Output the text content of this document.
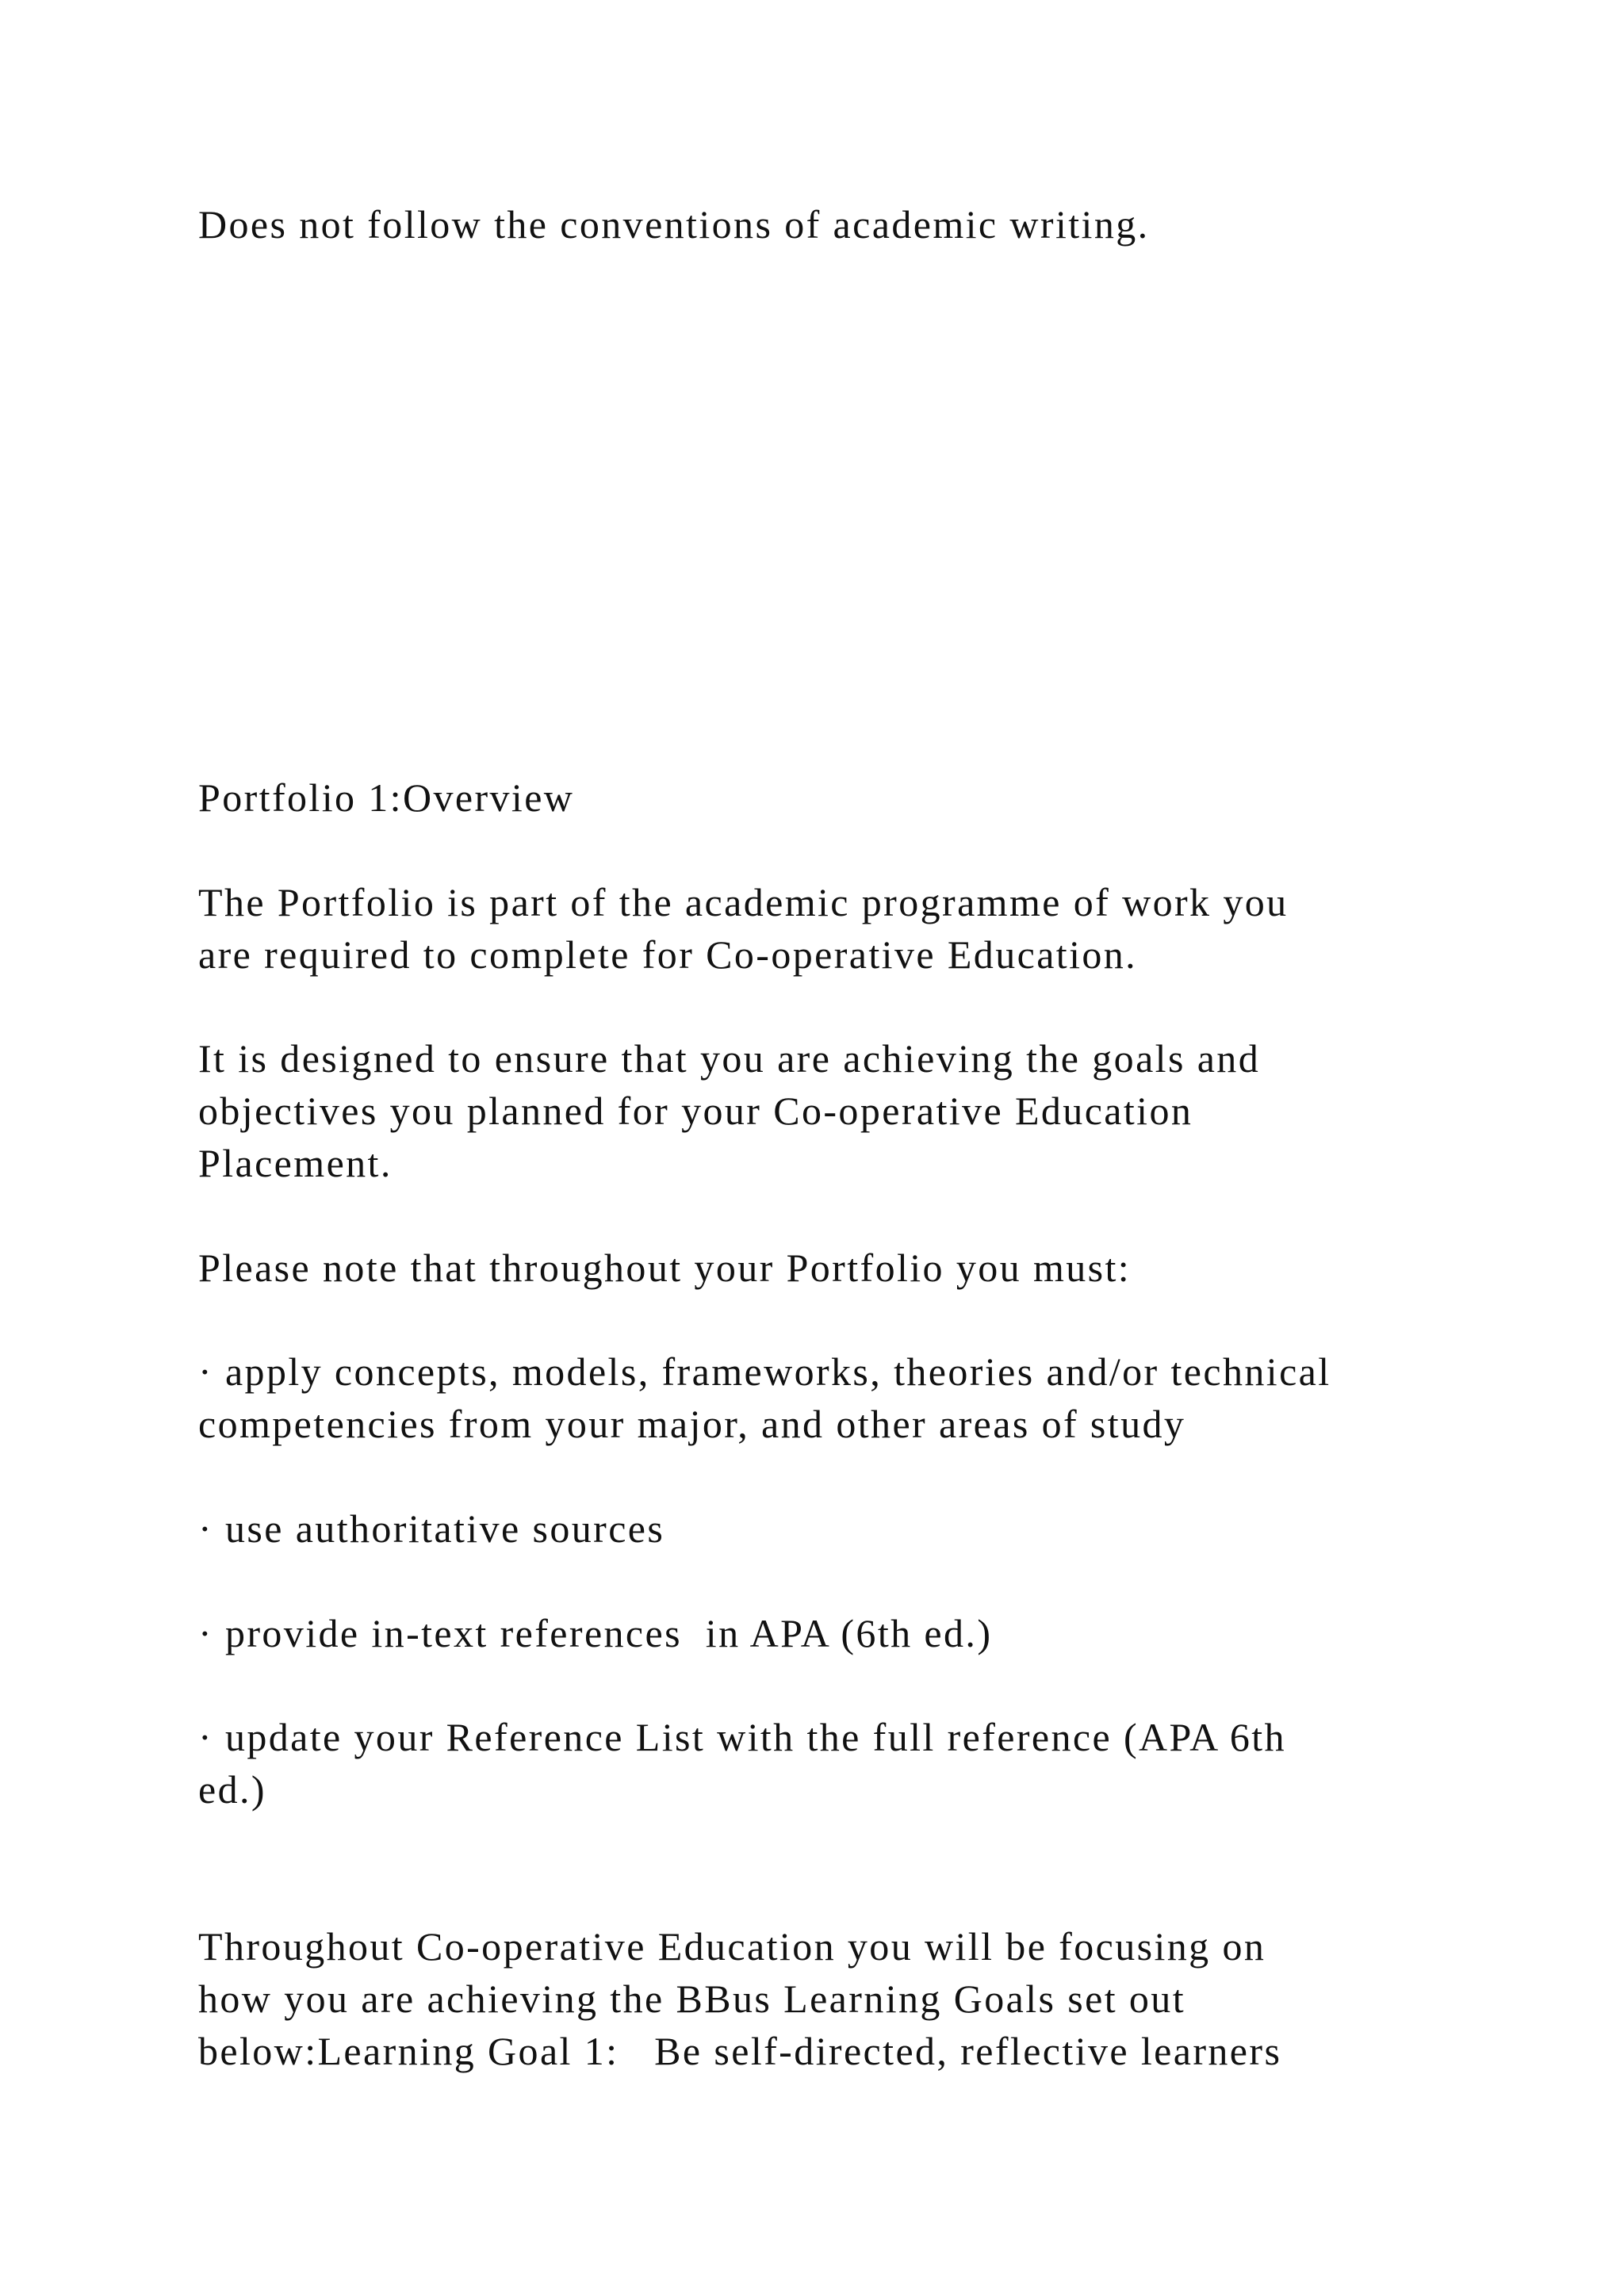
Does not follow the conventions of academic writing.

Portfolio 1:Overview

The Portfolio is part of the academic programme of work you

are required to complete for Co-operative Education.

It is designed to ensure that you are achieving the goals and

objectives you planned for your Co-operative Education

Placement.

Please note that throughout your Portfolio you must:

· apply concepts, models, frameworks, theories and/or technical

competencies from your major, and other areas of study

· use authoritative sources

· provide in-text references  in APA (6th ed.)

· update your Reference List with the full reference (APA 6th

ed.)

Throughout Co-operative Education you will be focusing on

how you are achieving the BBus Learning Goals set out

below:Learning Goal 1:   Be self-directed, reflective learners
